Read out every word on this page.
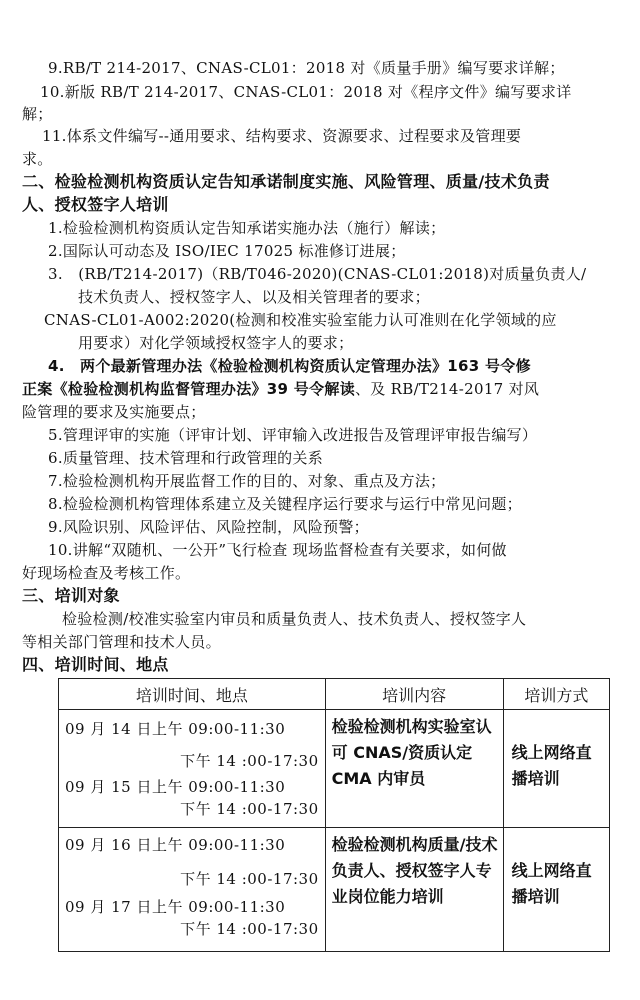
9.RB/T 214-2017、CNAS-CL01：2018 对《质量手册》编写要求详解；
10.新版 RB/T 214-2017、CNAS-CL01：2018 对《程序文件》编写要求详
解；
11.体系文件编写--通用要求、结构要求、资源要求、过程要求及管理要
求。
二、检验检测机构资质认定告知承诺制度实施、风险管理、质量/技术负责
人、授权签字人培训
1.检验检测机构资质认定告知承诺实施办法（施行）解读；
2.国际认可动态及 ISO/IEC 17025 标准修订进展；
3.　(RB/T214-2017)（RB/T046-2020)(CNAS-CL01:2018)对质量负责人/
技术负责人、授权签字人、以及相关管理者的要求；
CNAS-CL01-A002:2020(检测和校准实验室能力认可准则在化学领域的应
用要求）对化学领域授权签字人的要求；
4.　两个最新管理办法《检验检测机构资质认定管理办法》163 号令修
正案《检验检测机构监督管理办法》39 号令解读、及 RB/T214-2017 对风
险管理的要求及实施要点；
5.管理评审的实施（评审计划、评审输入改进报告及管理评审报告编写）
6.质量管理、技术管理和行政管理的关系
7.检验检测机构开展监督工作的目的、对象、重点及方法；
8.检验检测机构管理体系建立及关键程序运行要求与运行中常见问题；
9.风险识别、风险评估、风险控制，风险预警；
10.讲解“双随机、一公开”飞行检查 现场监督检查有关要求，如何做
好现场检查及考核工作。
三、培训对象
检验检测/校准实验室内审员和质量负责人、技术负责人、授权签字人
等相关部门管理和技术人员。
四、培训时间、地点
培训时间、地点	培训内容	培训方式

09 月 14 日上午 09:00-11:30
下午 14 :00-17:30
09 月 15 日上午 09:00-11:30
下午 14 :00-17:30	检验检测机构实验室认可 CNAS/资质认定 CMA 内审员	线上网络直播培训

09 月 16 日上午 09:00-11:30
下午 14 :00-17:30
09 月 17 日上午 09:00-11:30
下午 14 :00-17:30	检验检测机构质量/技术负责人、授权签字人专业岗位能力培训	线上网络直播培训
